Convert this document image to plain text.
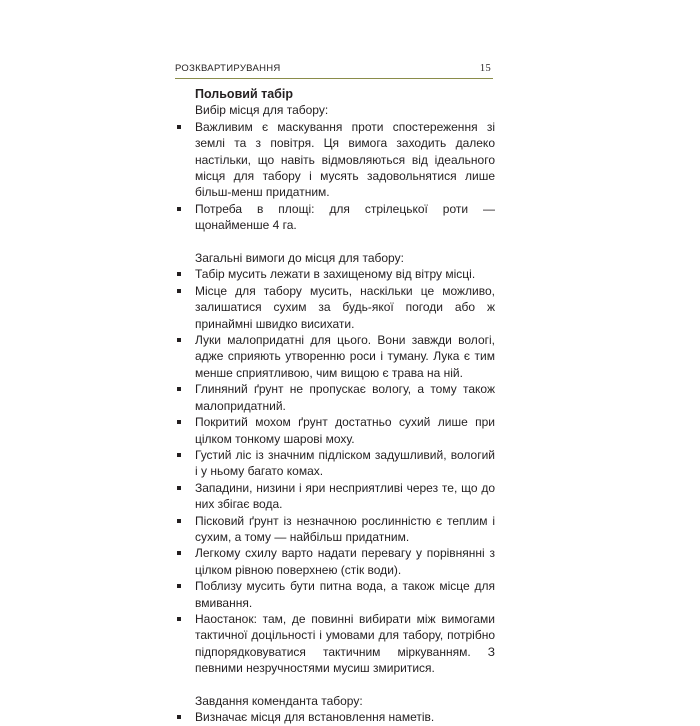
РОЗКВАРТИРУВАННЯ	15
Польовий табір
Вибір місця для табору:
Важливим є маскування проти спостереження зі землі та з повітря. Ця вимога заходить далеко настільки, що навіть відмовляються від ідеального місця для табору і мусять задовольнятися лише більш-менш придатним.
Потреба в площі: для стрілецької роти — щонайменше 4 га.
Загальні вимоги до місця для табору:
Табір мусить лежати в захищеному від вітру місці.
Місце для табору мусить, наскільки це можливо, залишатися сухим за будь-якої погоди або ж принаймні швидко висихати.
Луки малопридатні для цього. Вони завжди вологі, адже сприяють утворенню роси і туману. Лука є тим менше сприятливою, чим вищою є трава на ній.
Глиняний ґрунт не пропускає вологу, а тому також малопридатний.
Покритий мохом ґрунт достатньо сухий лише при цілком тонкому шарові моху.
Густий ліс із значним підліском задушливий, вологий і у ньому багато комах.
Западини, низини і яри несприятливі через те, що до них збігає вода.
Пісковий ґрунт із незначною рослинністю є теплим і сухим, а тому — найбільш придатним.
Легкому схилу варто надати перевагу у порівнянні з цілком рівною поверхнею (стік води).
Поблизу мусить бути питна вода, а також місце для вмивання.
Наостанок: там, де повинні вибирати між вимогами тактичної доцільності і умовами для табору, потрібно підпорядковуватися тактичним міркуванням. З певними незручностями мусиш змиритися.
Завдання коменданта табору:
Визначає місця для встановлення наметів.
